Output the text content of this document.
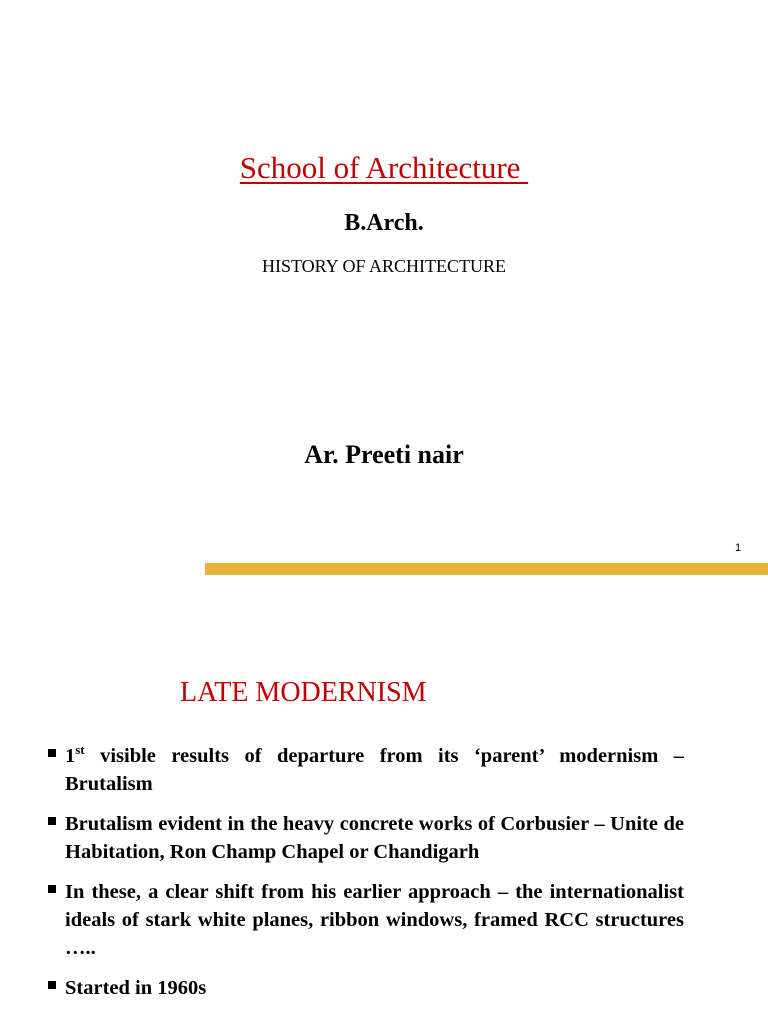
School of Architecture
B.Arch.
HISTORY OF ARCHITECTURE
Ar. Preeti nair
1
LATE MODERNISM
1st visible results of departure from its ‘parent’ modernism – Brutalism
Brutalism evident in the heavy concrete works of Corbusier – Unite de Habitation, Ron Champ Chapel or Chandigarh
In these, a clear shift from his earlier approach – the internationalist ideals of stark white planes, ribbon windows, framed RCC structures …..
Started in 1960s
